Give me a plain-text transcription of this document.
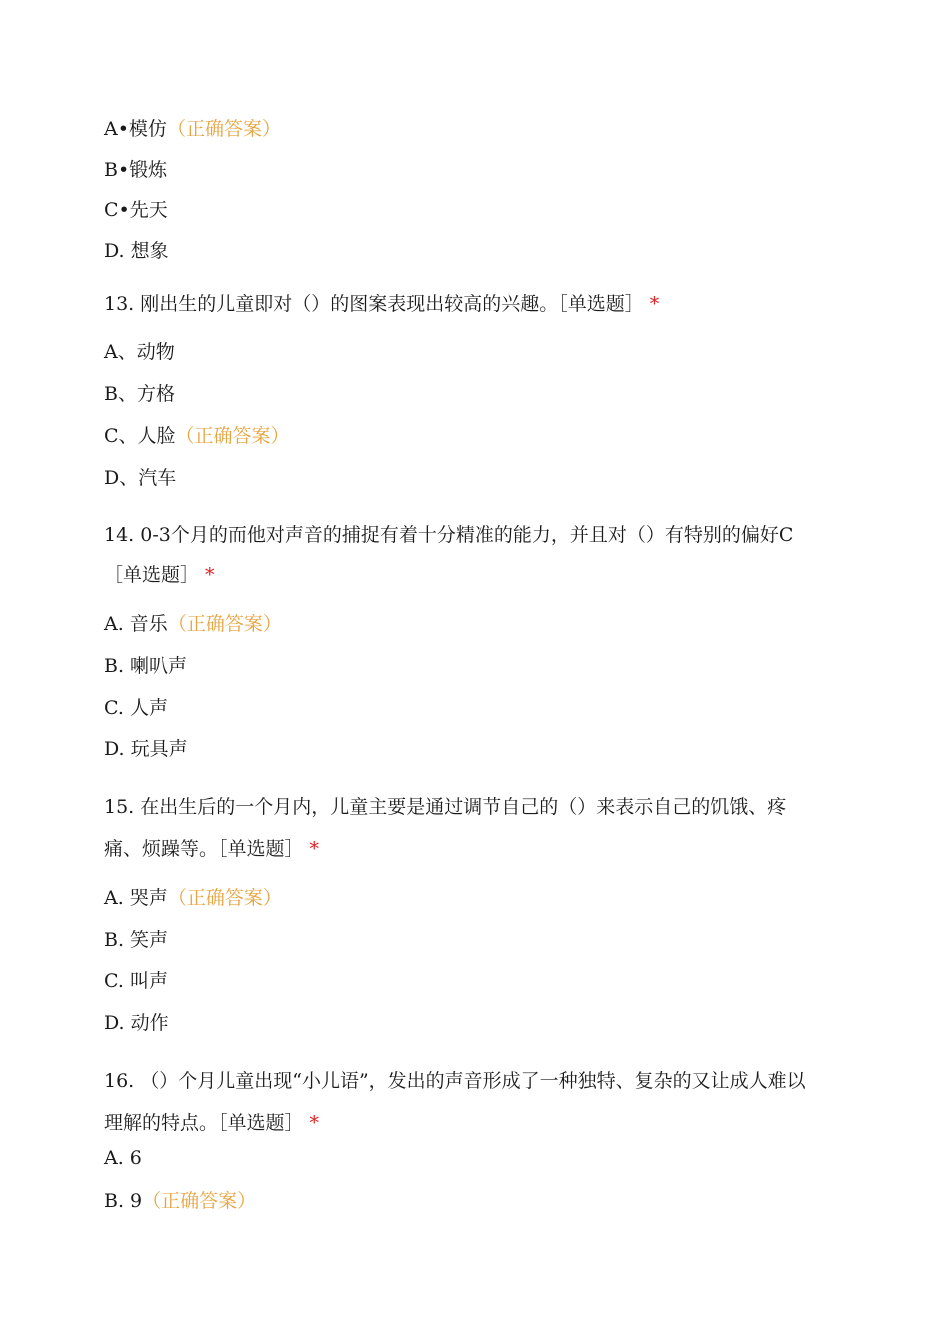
A•模仿（正确答案）
B•锻炼
C•先天
D. 想象
13. 刚出生的儿童即对（）的图案表现出较高的兴趣。［单选题］ *
A、动物
B、方格
C、人脸（正确答案）
D、汽车
14. 0-3个月的而他对声音的捕捉有着十分精准的能力，并且对（）有特别的偏好C
［单选题］ *
A. 音乐（正确答案）
B. 喇叭声
C. 人声
D. 玩具声
15. 在出生后的一个月内，儿童主要是通过调节自己的（）来表示自己的饥饿、疼
痛、烦躁等。［单选题］ *
A. 哭声（正确答案）
B. 笑声
C. 叫声
D. 动作
16. （）个月儿童出现“小儿语”，发出的声音形成了一种独特、复杂的又让成人难以
理解的特点。［单选题］ *
A. 6
B. 9（正确答案）
